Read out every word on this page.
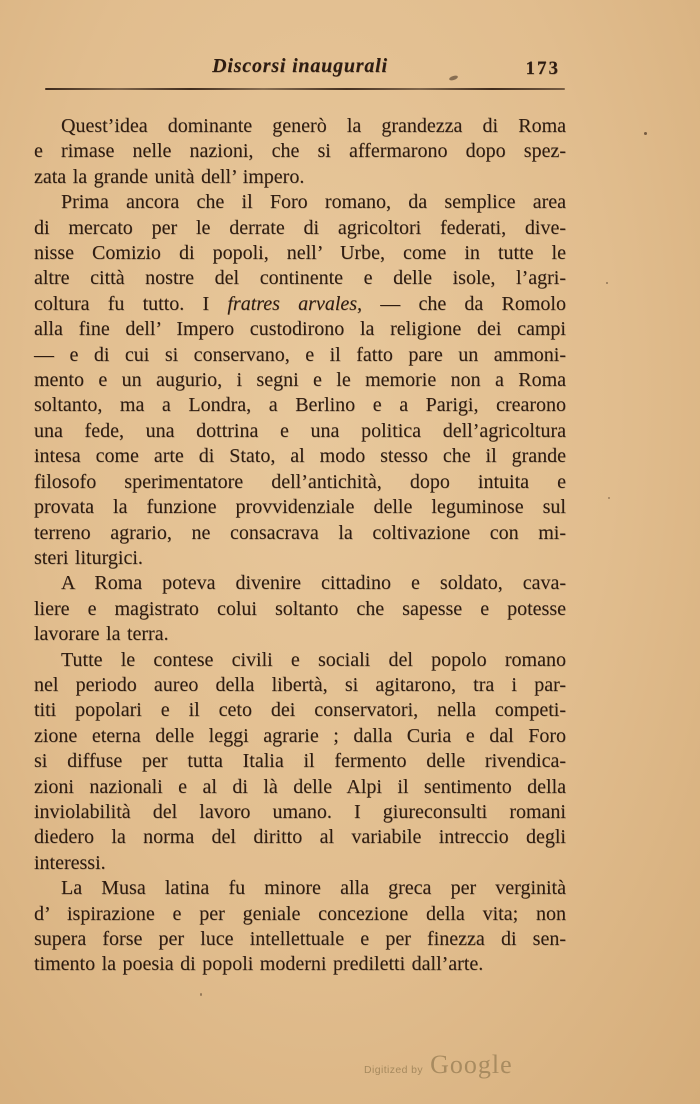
Discorsi inaugurali	173

Quest’idea dominante generò la grandezza di Roma
e rimase nelle nazioni, che si affermarono dopo spez-
zata la grande unità dell’ impero.

Prima ancora che il Foro romano, da semplice area
di mercato per le derrate di agricoltori federati, dive-
nisse Comizio di popoli, nell’ Urbe, come in tutte le
altre città nostre del continente e delle isole, l’agri-
coltura fu tutto. I fratres arvales, — che da Romolo
alla fine dell’ Impero custodirono la religione dei campi
— e di cui si conservano, e il fatto pare un ammoni-
mento e un augurio, i segni e le memorie non a Roma
soltanto, ma a Londra, a Berlino e a Parigi, crearono
una fede, una dottrina e una politica dell’agricoltura
intesa come arte di Stato, al modo stesso che il grande
filosofo sperimentatore dell’antichità, dopo intuita e
provata la funzione provvidenziale delle leguminose sul
terreno agrario, ne consacrava la coltivazione con mi-
steri liturgici.

A Roma poteva divenire cittadino e soldato, cava-
liere e magistrato colui soltanto che sapesse e potesse
lavorare la terra.

Tutte le contese civili e sociali del popolo romano
nel periodo aureo della libertà, si agitarono, tra i par-
titi popolari e il ceto dei conservatori, nella competi-
zione eterna delle leggi agrarie ; dalla Curia e dal Foro
si diffuse per tutta Italia il fermento delle rivendica-
zioni nazionali e al di là delle Alpi il sentimento della
inviolabilità del lavoro umano. I giureconsulti romani
diedero la norma del diritto al variabile intreccio degli
interessi.

La Musa latina fu minore alla greca per verginità
d’ ispirazione e per geniale concezione della vita; non
supera forse per luce intellettuale e per finezza di sen-
timento la poesia di popoli moderni prediletti dall’arte.

Digitized by Google
